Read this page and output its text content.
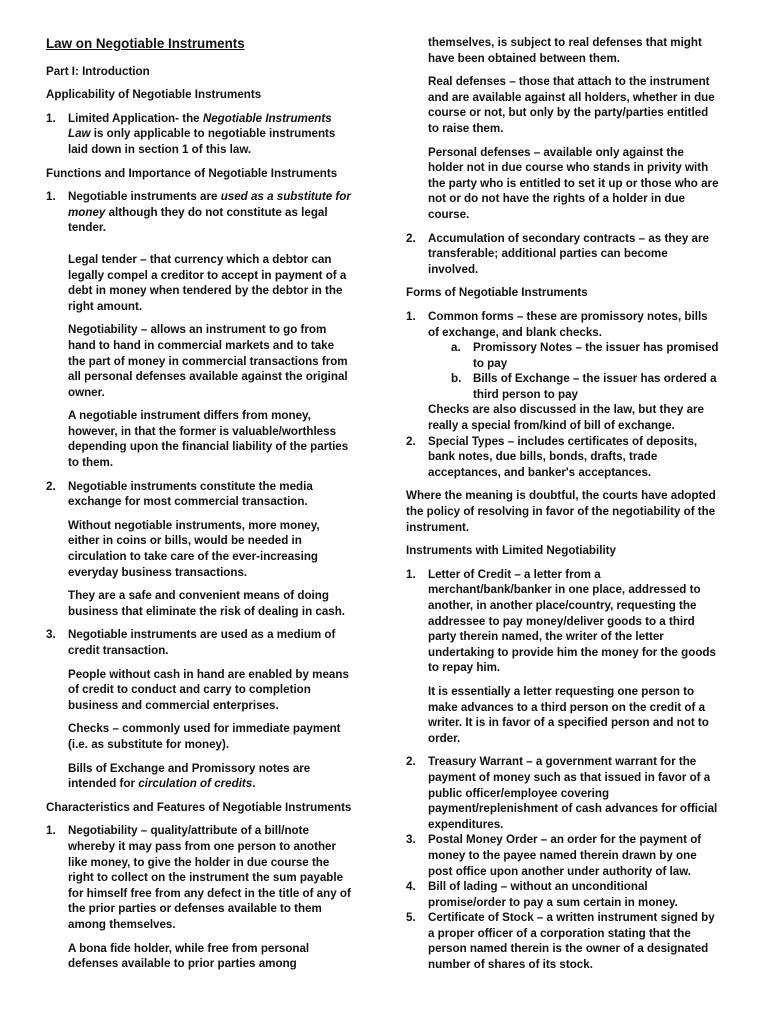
Law on Negotiable Instruments

Part I: Introduction

Applicability of Negotiable Instruments

1. Limited Application- the Negotiable Instruments Law is only applicable to negotiable instruments laid down in section 1 of this law.

Functions and Importance of Negotiable Instruments

1. Negotiable instruments are used as a substitute for money although they do not constitute as legal tender.

Legal tender – that currency which a debtor can legally compel a creditor to accept in payment of a debt in money when tendered by the debtor in the right amount.

Negotiability – allows an instrument to go from hand to hand in commercial markets and to take the part of money in commercial transactions from all personal defenses available against the original owner.

A negotiable instrument differs from money, however, in that the former is valuable/worthless depending upon the financial liability of the parties to them.

2. Negotiable instruments constitute the media exchange for most commercial transaction.

Without negotiable instruments, more money, either in coins or bills, would be needed in circulation to take care of the ever-increasing everyday business transactions.

They are a safe and convenient means of doing business that eliminate the risk of dealing in cash.

3. Negotiable instruments are used as a medium of credit transaction.

People without cash in hand are enabled by means of credit to conduct and carry to completion business and commercial enterprises.

Checks – commonly used for immediate payment (i.e. as substitute for money).

Bills of Exchange and Promissory notes are intended for circulation of credits.

Characteristics and Features of Negotiable Instruments

1. Negotiability – quality/attribute of a bill/note whereby it may pass from one person to another like money, to give the holder in due course the right to collect on the instrument the sum payable for himself free from any defect in the title of any of the prior parties or defenses available to them among themselves.

A bona fide holder, while free from personal defenses available to prior parties among

themselves, is subject to real defenses that might have been obtained between them.

Real defenses – those that attach to the instrument and are available against all holders, whether in due course or not, but only by the party/parties entitled to raise them.

Personal defenses – available only against the holder not in due course who stands in privity with the party who is entitled to set it up or those who are not or do not have the rights of a holder in due course.

2. Accumulation of secondary contracts – as they are transferable; additional parties can become involved.

Forms of Negotiable Instruments

1. Common forms – these are promissory notes, bills of exchange, and blank checks.
a. Promissory Notes – the issuer has promised to pay
b. Bills of Exchange – the issuer has ordered a third person to pay

Checks are also discussed in the law, but they are really a special from/kind of bill of exchange.

2. Special Types – includes certificates of deposits, bank notes, due bills, bonds, drafts, trade acceptances, and banker's acceptances.

Where the meaning is doubtful, the courts have adopted the policy of resolving in favor of the negotiability of the instrument.

Instruments with Limited Negotiability

1. Letter of Credit – a letter from a merchant/bank/banker in one place, addressed to another, in another place/country, requesting the addressee to pay money/deliver goods to a third party therein named, the writer of the letter undertaking to provide him the money for the goods to repay him.

It is essentially a letter requesting one person to make advances to a third person on the credit of a writer. It is in favor of a specified person and not to order.

2. Treasury Warrant – a government warrant for the payment of money such as that issued in favor of a public officer/employee covering payment/replenishment of cash advances for official expenditures.
3. Postal Money Order – an order for the payment of money to the payee named therein drawn by one post office upon another under authority of law.
4. Bill of lading – without an unconditional promise/order to pay a sum certain in money.
5. Certificate of Stock – a written instrument signed by a proper officer of a corporation stating that the person named therein is the owner of a designated number of shares of its stock.
